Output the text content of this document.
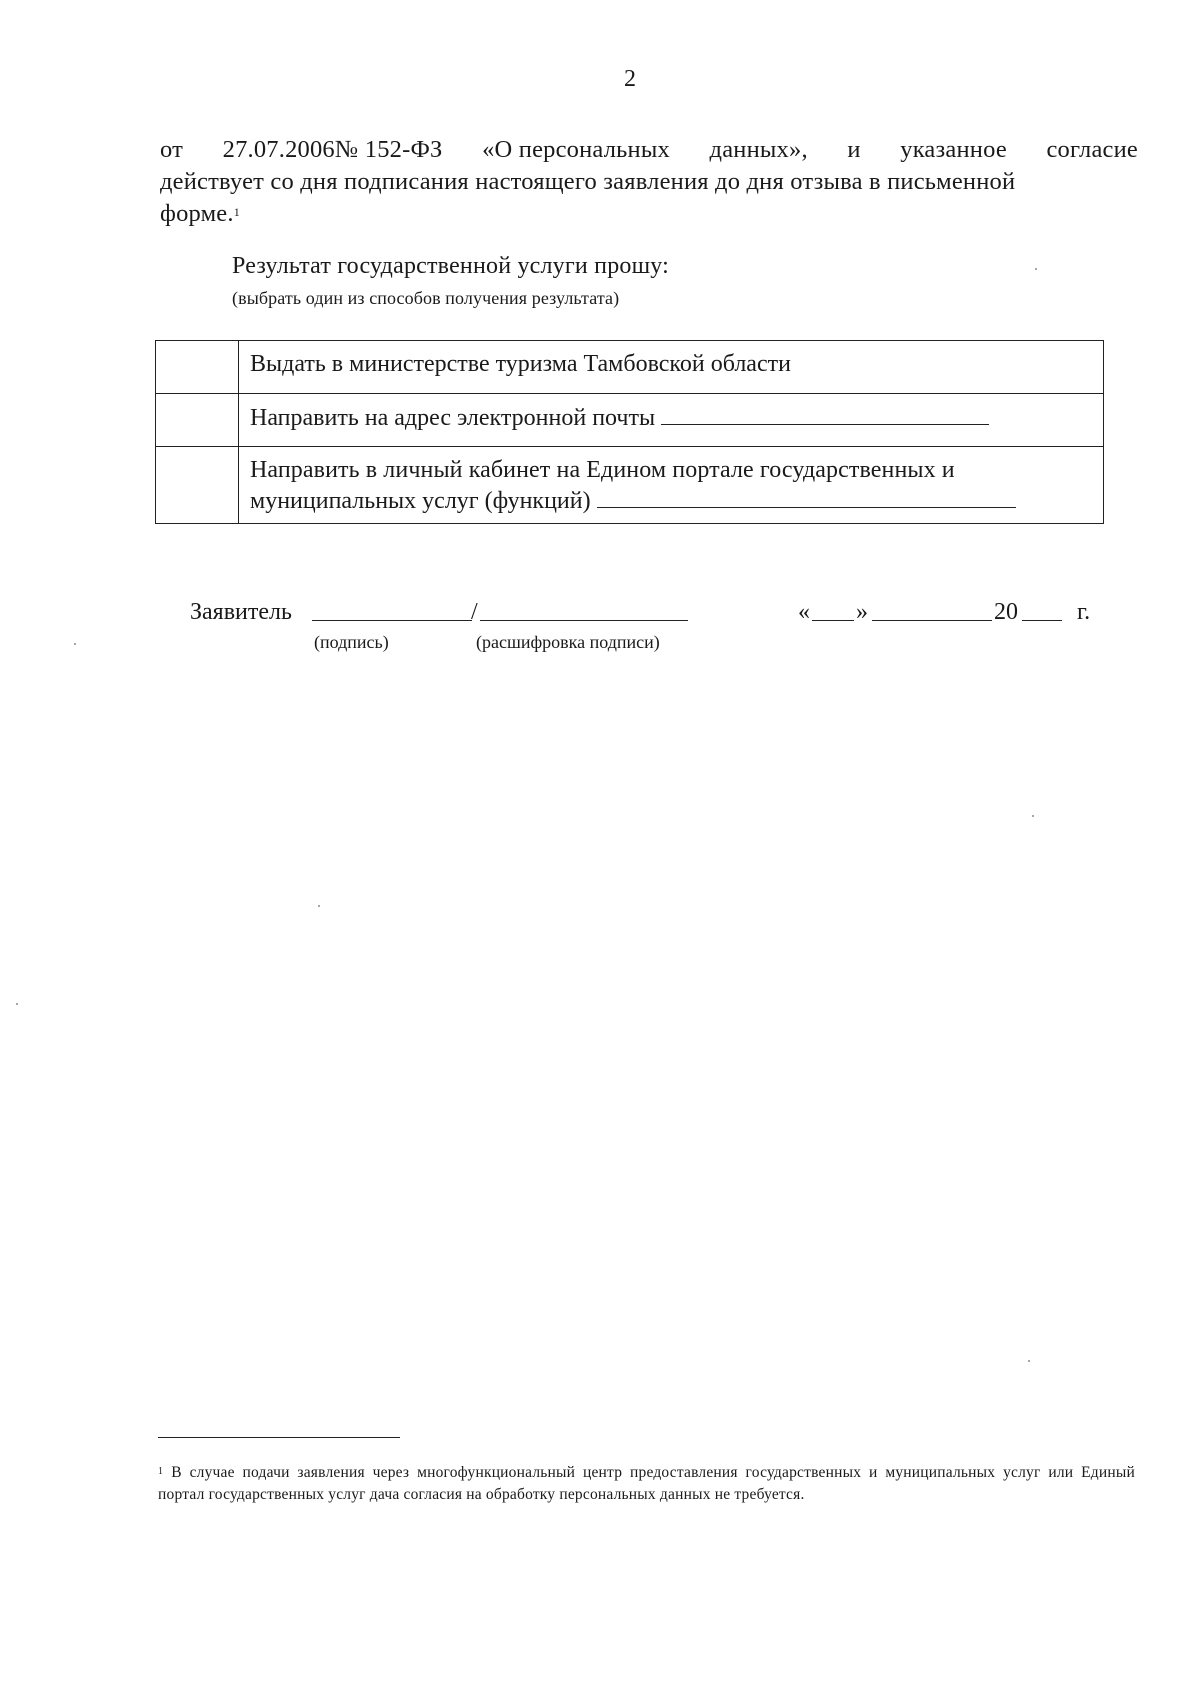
2
от 27.07.2006№ 152-ФЗ «О персональных данных», и указанное согласие
действует со дня подписания настоящего заявления до дня отзыва в письменной
форме.$^1$
Результат государственной услуги прошу:
(выбрать один из способов получения результата)
	Выдать в министерстве туризма Тамбовской области
	Направить на адрес электронной почты

	Направить в личный кабинет на Едином портале государственных и
муниципальных услуг (функций)
Заявитель	/	« »	20 г.
(подпись)	(расшифровка подписи)
$^1$ В случае подачи заявления через многофункциональный центр предоставления государственных и муниципальных услуг или Единый портал государственных услуг дача согласия на обработку персональных данных не требуется.
